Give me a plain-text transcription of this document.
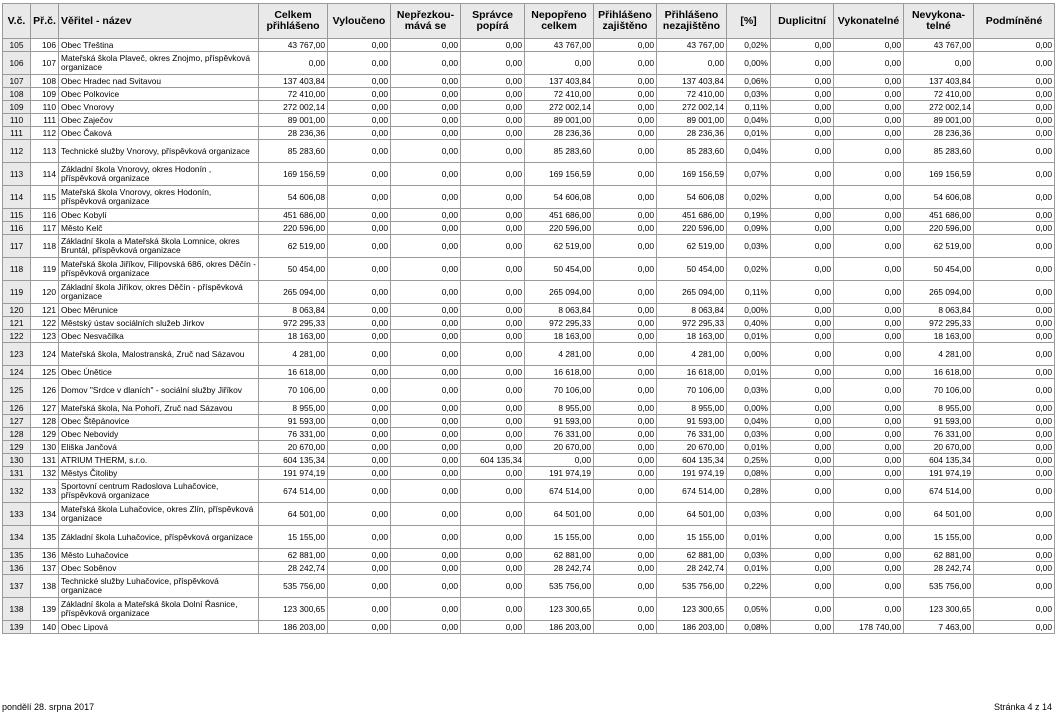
V.č.	Př.č.	Věřitel - název	Celkem přihlášeno	Vyloučeno	Nepřezkou-mává se	Správce popírá	Nepopřeno celkem	Přihlášeno zajištěno	Přihlášeno nezajištěno	[%]	Duplicitní	Vykonatelné	Nevykona-telné	Podmíněné
105	106	Obec Třeština	43 767,00	0,00	0,00	0,00	43 767,00	0,00	43 767,00	0,02%	0,00	0,00	43 767,00	0,00
106	107	Mateřská škola Plaveč, okres Znojmo, příspěvková organizace	0,00	0,00	0,00	0,00	0,00	0,00	0,00	0,00%	0,00	0,00	0,00	0,00
107	108	Obec Hradec nad Svitavou	137 403,84	0,00	0,00	0,00	137 403,84	0,00	137 403,84	0,06%	0,00	0,00	137 403,84	0,00
108	109	Obec Polkovice	72 410,00	0,00	0,00	0,00	72 410,00	0,00	72 410,00	0,03%	0,00	0,00	72 410,00	0,00
109	110	Obec Vnorovy	272 002,14	0,00	0,00	0,00	272 002,14	0,00	272 002,14	0,11%	0,00	0,00	272 002,14	0,00
110	111	Obec Zaječov	89 001,00	0,00	0,00	0,00	89 001,00	0,00	89 001,00	0,04%	0,00	0,00	89 001,00	0,00
111	112	Obec Čaková	28 236,36	0,00	0,00	0,00	28 236,36	0,00	28 236,36	0,01%	0,00	0,00	28 236,36	0,00
112	113	Technické služby Vnorovy, příspěvková organizace	85 283,60	0,00	0,00	0,00	85 283,60	0,00	85 283,60	0,04%	0,00	0,00	85 283,60	0,00
113	114	Základní škola Vnorovy, okres Hodonín , příspěvková organizace	169 156,59	0,00	0,00	0,00	169 156,59	0,00	169 156,59	0,07%	0,00	0,00	169 156,59	0,00
114	115	Mateřská škola Vnorovy, okres Hodonín, příspěvková organizace	54 606,08	0,00	0,00	0,00	54 606,08	0,00	54 606,08	0,02%	0,00	0,00	54 606,08	0,00
115	116	Obec Kobylí	451 686,00	0,00	0,00	0,00	451 686,00	0,00	451 686,00	0,19%	0,00	0,00	451 686,00	0,00
116	117	Město Kelč	220 596,00	0,00	0,00	0,00	220 596,00	0,00	220 596,00	0,09%	0,00	0,00	220 596,00	0,00
117	118	Základní škola a Mateřská škola Lomnice, okres Bruntál, příspěvková organizace	62 519,00	0,00	0,00	0,00	62 519,00	0,00	62 519,00	0,03%	0,00	0,00	62 519,00	0,00
118	119	Mateřská škola Jiříkov, Filipovská 686, okres Děčín - příspěvková organizace	50 454,00	0,00	0,00	0,00	50 454,00	0,00	50 454,00	0,02%	0,00	0,00	50 454,00	0,00
119	120	Základní škola Jiříkov, okres Děčín - příspěvková organizace	265 094,00	0,00	0,00	0,00	265 094,00	0,00	265 094,00	0,11%	0,00	0,00	265 094,00	0,00
120	121	Obec Měrunice	8 063,84	0,00	0,00	0,00	8 063,84	0,00	8 063,84	0,00%	0,00	0,00	8 063,84	0,00
121	122	Městský ústav sociálních služeb Jirkov	972 295,33	0,00	0,00	0,00	972 295,33	0,00	972 295,33	0,40%	0,00	0,00	972 295,33	0,00
122	123	Obec Nesvačilka	18 163,00	0,00	0,00	0,00	18 163,00	0,00	18 163,00	0,01%	0,00	0,00	18 163,00	0,00
123	124	Mateřská škola, Malostranská, Zruč nad Sázavou	4 281,00	0,00	0,00	0,00	4 281,00	0,00	4 281,00	0,00%	0,00	0,00	4 281,00	0,00
124	125	Obec Únětice	16 618,00	0,00	0,00	0,00	16 618,00	0,00	16 618,00	0,01%	0,00	0,00	16 618,00	0,00
125	126	Domov "Srdce v dlaních" - sociální služby Jiříkov	70 106,00	0,00	0,00	0,00	70 106,00	0,00	70 106,00	0,03%	0,00	0,00	70 106,00	0,00
126	127	Mateřská škola, Na Pohoří, Zruč nad Sázavou	8 955,00	0,00	0,00	0,00	8 955,00	0,00	8 955,00	0,00%	0,00	0,00	8 955,00	0,00
127	128	Obec Štěpánovice	91 593,00	0,00	0,00	0,00	91 593,00	0,00	91 593,00	0,04%	0,00	0,00	91 593,00	0,00
128	129	Obec Nebovidy	76 331,00	0,00	0,00	0,00	76 331,00	0,00	76 331,00	0,03%	0,00	0,00	76 331,00	0,00
129	130	Eliška Jančová	20 670,00	0,00	0,00	0,00	20 670,00	0,00	20 670,00	0,01%	0,00	0,00	20 670,00	0,00
130	131	ATRIUM THERM, s.r.o.	604 135,34	0,00	0,00	604 135,34	0,00	0,00	604 135,34	0,25%	0,00	0,00	604 135,34	0,00
131	132	Městys Čitoliby	191 974,19	0,00	0,00	0,00	191 974,19	0,00	191 974,19	0,08%	0,00	0,00	191 974,19	0,00
132	133	Sportovní centrum Radoslova Luhačovice, příspěvková organizace	674 514,00	0,00	0,00	0,00	674 514,00	0,00	674 514,00	0,28%	0,00	0,00	674 514,00	0,00
133	134	Mateřská škola Luhačovice, okres Zlín, příspěvková organizace	64 501,00	0,00	0,00	0,00	64 501,00	0,00	64 501,00	0,03%	0,00	0,00	64 501,00	0,00
134	135	Základní škola Luhačovice, příspěvková organizace	15 155,00	0,00	0,00	0,00	15 155,00	0,00	15 155,00	0,01%	0,00	0,00	15 155,00	0,00
135	136	Město Luhačovice	62 881,00	0,00	0,00	0,00	62 881,00	0,00	62 881,00	0,03%	0,00	0,00	62 881,00	0,00
136	137	Obec Soběnov	28 242,74	0,00	0,00	0,00	28 242,74	0,00	28 242,74	0,01%	0,00	0,00	28 242,74	0,00
137	138	Technické služby Luhačovice, příspěvková organizace	535 756,00	0,00	0,00	0,00	535 756,00	0,00	535 756,00	0,22%	0,00	0,00	535 756,00	0,00
138	139	Základní škola a Mateřská škola Dolní Řasnice, příspěvková organizace	123 300,65	0,00	0,00	0,00	123 300,65	0,00	123 300,65	0,05%	0,00	0,00	123 300,65	0,00
139	140	Obec Lipová	186 203,00	0,00	0,00	0,00	186 203,00	0,00	186 203,00	0,08%	0,00	178 740,00	7 463,00	0,00
pondělí 28. srpna 2017	Stránka 4 z 14
